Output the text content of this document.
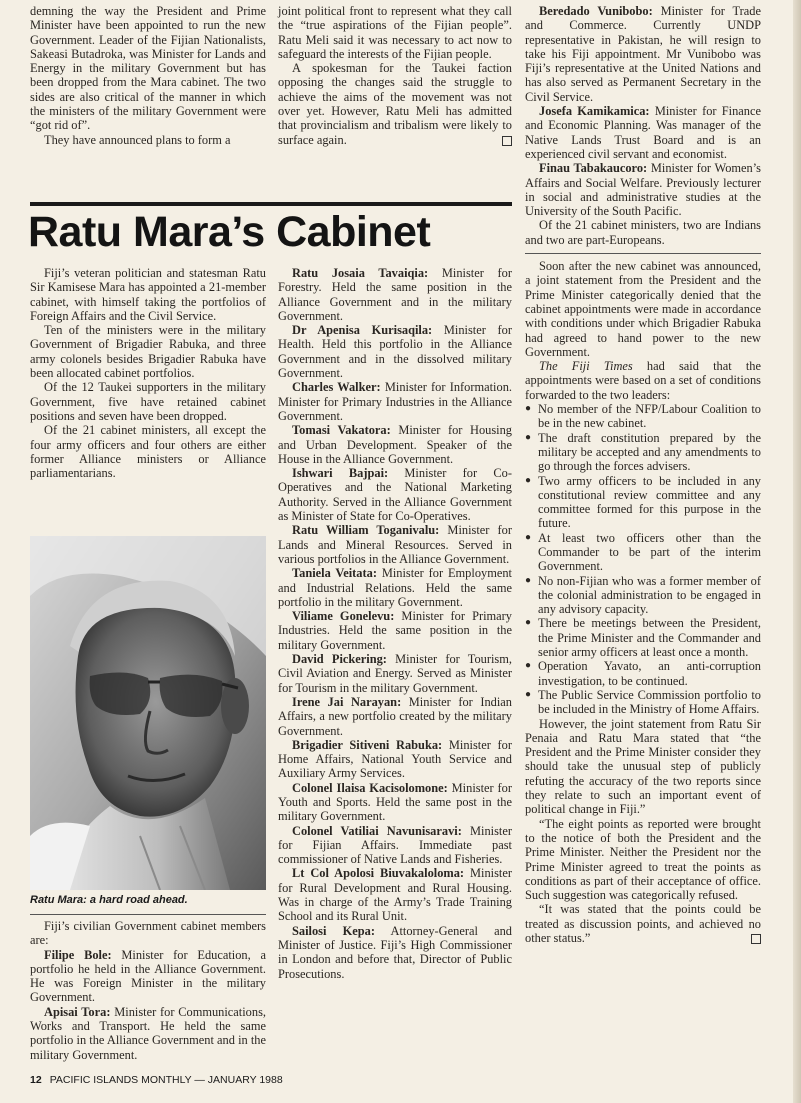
demning the way the President and Prime Minister have been appointed to run the new Government. Leader of the Fijian Nationalists, Sakeasi Butadroka, was Minister for Lands and Energy in the military Government but has been dropped from the Mara cabinet. The two sides are also critical of the manner in which the ministers of the military Government were “got rid of”.

They have announced plans to form a

joint political front to represent what they call the “true aspirations of the Fijian people”. Ratu Meli said it was necessary to act now to safeguard the interests of the Fijian people.

A spokesman for the Taukei faction opposing the changes said the struggle to achieve the aims of the movement was not over yet. However, Ratu Meli has admitted that provincialism and tribalism were likely to surface again.

Ratu Mara’s Cabinet

Fiji’s veteran politician and statesman Ratu Sir Kamisese Mara has appointed a 21-member cabinet, with himself taking the portfolios of Foreign Affairs and the Civil Service.

Ten of the ministers were in the military Government of Brigadier Rabuka, and three army colonels besides Brigadier Rabuka have been allocated cabinet portfolios.

Of the 12 Taukei supporters in the military Government, five have retained cabinet positions and seven have been dropped.

Of the 21 cabinet ministers, all except the four army officers and four others are either former Alliance ministers or Alliance parliamentarians.

Ratu Mara: a hard road ahead.

Fiji’s civilian Government cabinet members are:

Filipe Bole: Minister for Education, a portfolio he held in the Alliance Government. He was Foreign Minister in the military Government.

Apisai Tora: Minister for Communications, Works and Transport. He held the same portfolio in the Alliance Government and in the military Government.

Ratu Josaia Tavaiqia: Minister for Forestry. Held the same position in the Alliance Government and in the military Government.

Dr Apenisa Kurisaqila: Minister for Health. Held this portfolio in the Alliance Government and in the dissolved military Government.

Charles Walker: Minister for Information. Minister for Primary Industries in the Alliance Government.

Tomasi Vakatora: Minister for Housing and Urban Development. Speaker of the House in the Alliance Government.

Ishwari Bajpai: Minister for Co-Operatives and the National Marketing Authority. Served in the Alliance Government as Minister of State for Co-Operatives.

Ratu William Toganivalu: Minister for Lands and Mineral Resources. Served in various portfolios in the Alliance Government.

Taniela Veitata: Minister for Employment and Industrial Relations. Held the same portfolio in the military Government.

Viliame Gonelevu: Minister for Primary Industries. Held the same position in the military Government.

David Pickering: Minister for Tourism, Civil Aviation and Energy. Served as Minister for Tourism in the military Government.

Irene Jai Narayan: Minister for Indian Affairs, a new portfolio created by the military Government.

Brigadier Sitiveni Rabuka: Minister for Home Affairs, National Youth Service and Auxiliary Army Services.

Colonel Ilaisa Kacisolomone: Minister for Youth and Sports. Held the same post in the military Government.

Colonel Vatiliai Navunisaravi: Minister for Fijian Affairs. Immediate past commissioner of Native Lands and Fisheries.

Lt Col Apolosi Biuvakaloloma: Minister for Rural Development and Rural Housing. Was in charge of the Army’s Trade Training School and its Rural Unit.

Sailosi Kepa: Attorney-General and Minister of Justice. Fiji’s High Commissioner in London and before that, Director of Public Prosecutions.

Beredado Vunibobo: Minister for Trade and Commerce. Currently UNDP representative in Pakistan, he will resign to take his Fiji appointment. Mr Vunibobo was Fiji’s representative at the United Nations and has also served as Permanent Secretary in the Civil Service.

Josefa Kamikamica: Minister for Finance and Economic Planning. Was manager of the Native Lands Trust Board and is an experienced civil servant and economist.

Finau Tabakaucoro: Minister for Women’s Affairs and Social Welfare. Previously lecturer in social and administrative studies at the University of the South Pacific.

Of the 21 cabinet ministers, two are Indians and two are part-Europeans.

Soon after the new cabinet was announced, a joint statement from the President and the Prime Minister categorically denied that the cabinet appointments were made in accordance with conditions under which Brigadier Rabuka had agreed to hand power to the new Government.

The Fiji Times had said that the appointments were based on a set of conditions forwarded to the two leaders:

● No member of the NFP/Labour Coalition to be in the new cabinet.
● The draft constitution prepared by the military be accepted and any amendments to go through the forces advisers.
● Two army officers to be included in any constitutional review committee and any committee formed for this purpose in the future.
● At least two officers other than the Commander to be part of the interim Government.
● No non-Fijian who was a former member of the colonial administration to be engaged in any advisory capacity.
● There be meetings between the President, the Prime Minister and the Commander and senior army officers at least once a month.
● Operation Yavato, an anti-corruption investigation, to be continued.
● The Public Service Commission portfolio to be included in the Ministry of Home Affairs.

However, the joint statement from Ratu Sir Penaia and Ratu Mara stated that “the President and the Prime Minister consider they should take the unusual step of publicly refuting the accuracy of the two reports since they relate to such an important event of political change in Fiji.”

“The eight points as reported were brought to the notice of both the President and the Prime Minister. Neither the President nor the Prime Minister agreed to treat the points as conditions as part of their acceptance of office. Such suggestion was categorically refused.

“It was stated that the points could be treated as discussion points, and achieved no other status.”

12 PACIFIC ISLANDS MONTHLY — JANUARY 1988
